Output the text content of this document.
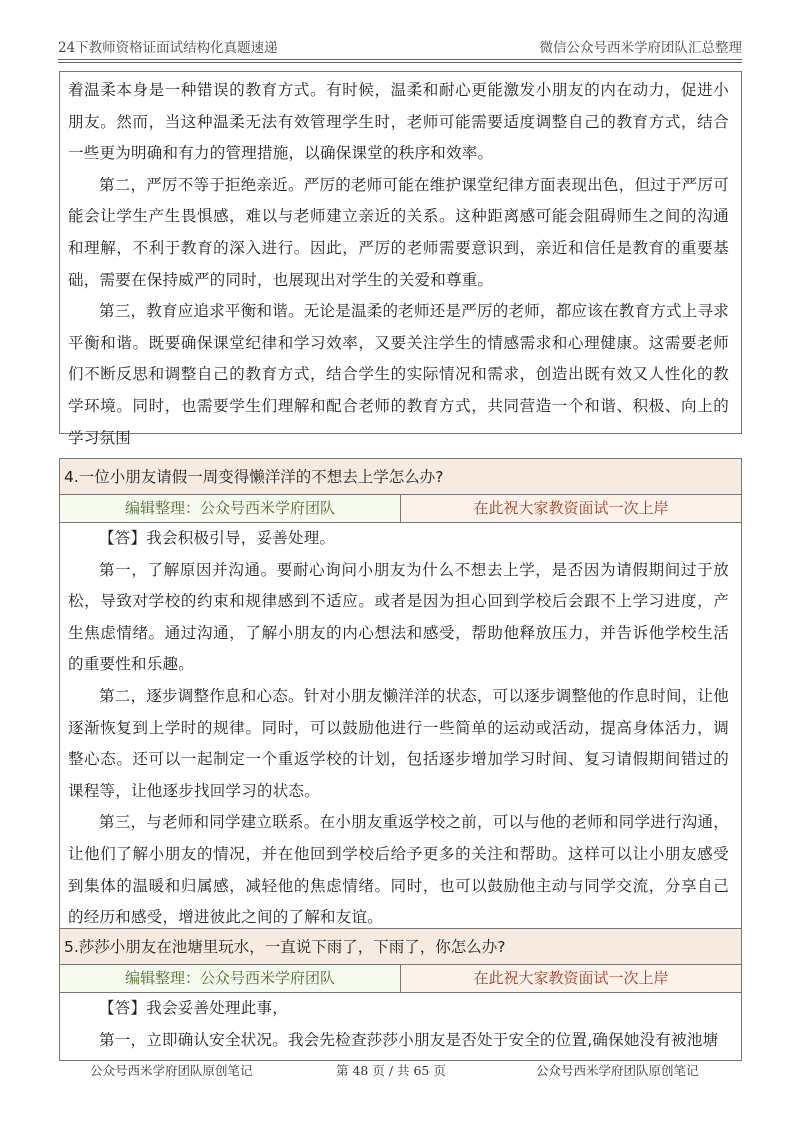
24下教师资格证面试结构化真题速递	微信公众号西米学府团队汇总整理

着温柔本身是一种错误的教育方式。有时候，温柔和耐心更能激发小朋友的内在动力，促进小朋友。然而，当这种温柔无法有效管理学生时，老师可能需要适度调整自己的教育方式，结合一些更为明确和有力的管理措施，以确保课堂的秩序和效率。

第二，严厉不等于拒绝亲近。严厉的老师可能在维护课堂纪律方面表现出色，但过于严厉可能会让学生产生畏惧感，难以与老师建立亲近的关系。这种距离感可能会阻碍师生之间的沟通和理解，不利于教育的深入进行。因此，严厉的老师需要意识到，亲近和信任是教育的重要基础，需要在保持威严的同时，也展现出对学生的关爱和尊重。

第三，教育应追求平衡和谐。无论是温柔的老师还是严厉的老师，都应该在教育方式上寻求平衡和谐。既要确保课堂纪律和学习效率，又要关注学生的情感需求和心理健康。这需要老师们不断反思和调整自己的教育方式，结合学生的实际情况和需求，创造出既有效又人性化的教学环境。同时，也需要学生们理解和配合老师的教育方式，共同营造一个和谐、积极、向上的学习氛围

4.一位小朋友请假一周变得懒洋洋的不想去上学怎么办?
编辑整理：公众号西米学府团队	在此祝大家教资面试一次上岸

【答】我会积极引导，妥善处理。

第一，了解原因并沟通。要耐心询问小朋友为什么不想去上学，是否因为请假期间过于放松，导致对学校的约束和规律感到不适应。或者是因为担心回到学校后会跟不上学习进度，产生焦虑情绪。通过沟通，了解小朋友的内心想法和感受，帮助他释放压力，并告诉他学校生活的重要性和乐趣。

第二，逐步调整作息和心态。针对小朋友懒洋洋的状态，可以逐步调整他的作息时间，让他逐渐恢复到上学时的规律。同时，可以鼓励他进行一些简单的运动或活动，提高身体活力，调整心态。还可以一起制定一个重返学校的计划，包括逐步增加学习时间、复习请假期间错过的课程等，让他逐步找回学习的状态。

第三，与老师和同学建立联系。在小朋友重返学校之前，可以与他的老师和同学进行沟通，让他们了解小朋友的情况，并在他回到学校后给予更多的关注和帮助。这样可以让小朋友感受到集体的温暖和归属感，减轻他的焦虑情绪。同时，也可以鼓励他主动与同学交流，分享自己的经历和感受，增进彼此之间的了解和友谊。

5.莎莎小朋友在池塘里玩水，一直说下雨了，下雨了，你怎么办?
编辑整理：公众号西米学府团队	在此祝大家教资面试一次上岸

【答】我会妥善处理此事，

第一，立即确认安全状况。我会先检查莎莎小朋友是否处于安全的位置,确保她没有被池塘

公众号西米学府团队原创笔记	第 48 页 / 共 65 页	公众号西米学府团队原创笔记
